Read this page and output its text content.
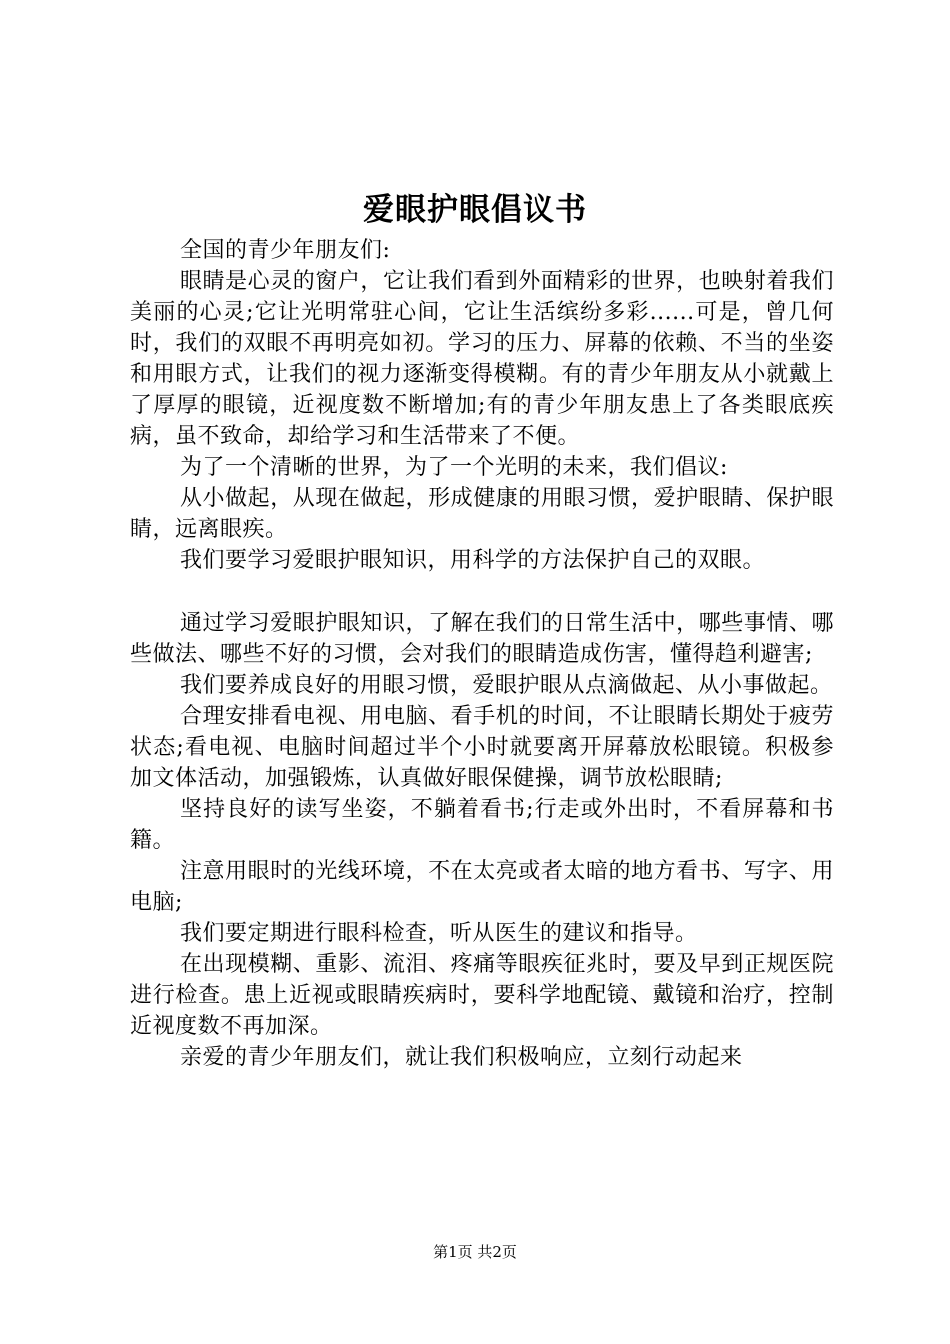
爱眼护眼倡议书

全国的青少年朋友们:

眼睛是心灵的窗户，它让我们看到外面精彩的世界，也映射着我们美丽的心灵;它让光明常驻心间，它让生活缤纷多彩......可是，曾几何时，我们的双眼不再明亮如初。学习的压力、屏幕的依赖、不当的坐姿和用眼方式，让我们的视力逐渐变得模糊。有的青少年朋友从小就戴上了厚厚的眼镜，近视度数不断增加;有的青少年朋友患上了各类眼底疾病，虽不致命，却给学习和生活带来了不便。

为了一个清晰的世界，为了一个光明的未来，我们倡议:

从小做起，从现在做起，形成健康的用眼习惯，爱护眼睛、保护眼睛，远离眼疾。

我们要学习爱眼护眼知识，用科学的方法保护自己的双眼。

通过学习爱眼护眼知识，了解在我们的日常生活中，哪些事情、哪些做法、哪些不好的习惯，会对我们的眼睛造成伤害，懂得趋利避害;

我们要养成良好的用眼习惯，爱眼护眼从点滴做起、从小事做起。

合理安排看电视、用电脑、看手机的时间，不让眼睛长期处于疲劳状态;看电视、电脑时间超过半个小时就要离开屏幕放松眼镜。积极参加文体活动，加强锻炼，认真做好眼保健操，调节放松眼睛;

坚持良好的读写坐姿，不躺着看书;行走或外出时，不看屏幕和书籍。

注意用眼时的光线环境，不在太亮或者太暗的地方看书、写字、用电脑;

我们要定期进行眼科检查，听从医生的建议和指导。

在出现模糊、重影、流泪、疼痛等眼疾征兆时，要及早到正规医院进行检查。患上近视或眼睛疾病时，要科学地配镜、戴镜和治疗，控制近视度数不再加深。

亲爱的青少年朋友们，就让我们积极响应，立刻行动起来

第1页 共2页
